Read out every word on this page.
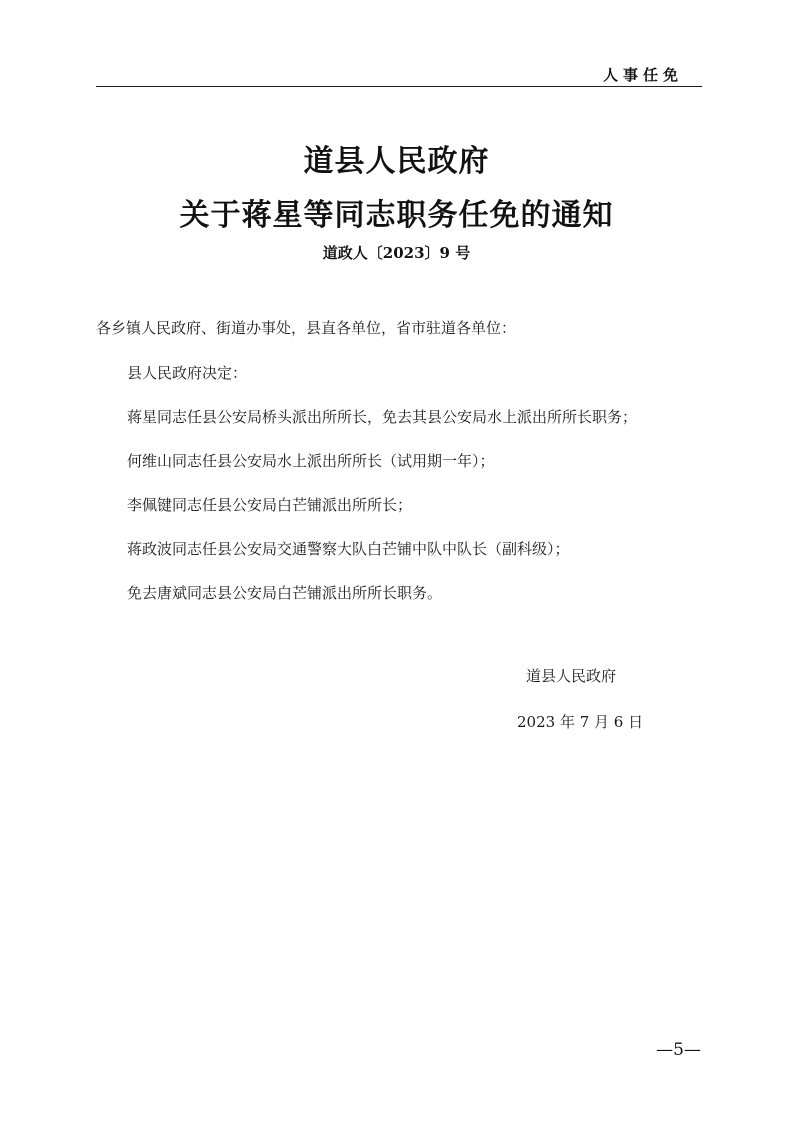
人事任免
道县人民政府
关于蒋星等同志职务任免的通知
道政人〔2023〕9 号
各乡镇人民政府、街道办事处，县直各单位，省市驻道各单位：
县人民政府决定：
蒋星同志任县公安局桥头派出所所长，免去其县公安局水上派出所所长职务；
何维山同志任县公安局水上派出所所长（试用期一年）；
李佩键同志任县公安局白芒铺派出所所长；
蒋政波同志任县公安局交通警察大队白芒铺中队中队长（副科级）；
免去唐斌同志县公安局白芒铺派出所所长职务。
道县人民政府
2023 年 7 月 6 日
—5—
